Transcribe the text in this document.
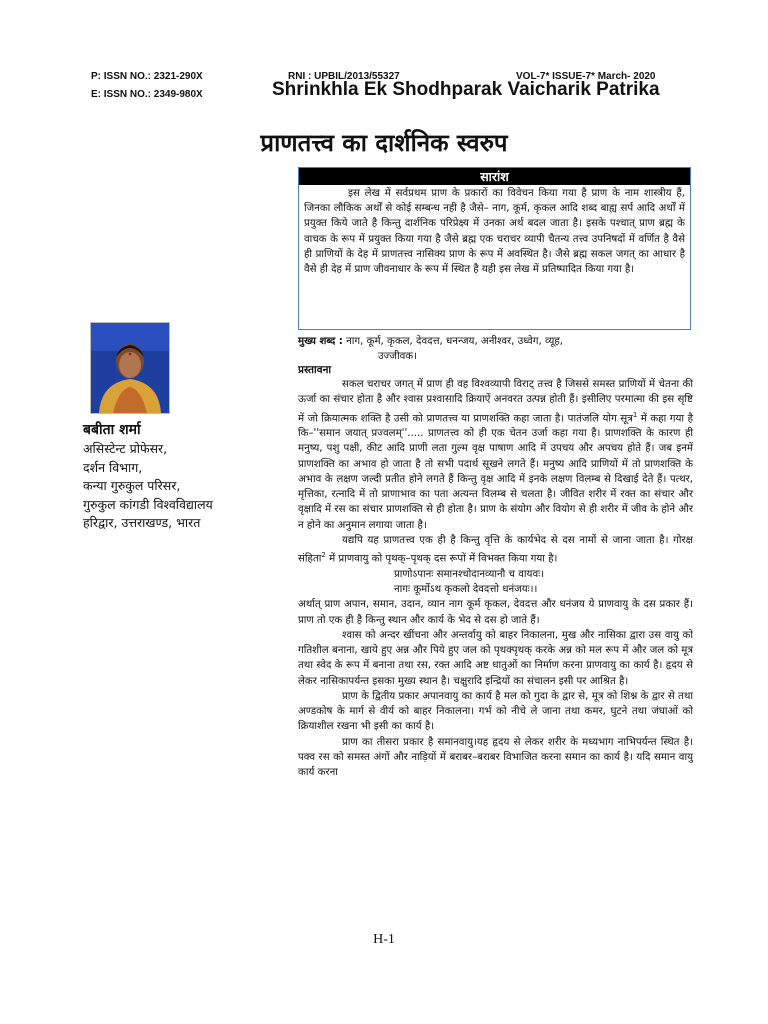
P: ISSN NO.: 2321-290X
E: ISSN NO.: 2349-980X
RNI : UPBIL/2013/55327	VOL-7* ISSUE-7* March- 2020
Shrinkhla Ek Shodhparak Vaicharik Patrika
प्राणतत्त्व का दार्शनिक स्वरुप
सारांश
इस लेख में सर्वप्रथम प्राण के प्रकारों का विवेचन किया गया है प्राण के नाम शास्त्रीय हैं, जिनका लौकिक अर्थों से कोई सम्बन्ध नही है जैसे– नाग, कूर्म, कृकल आदि शब्द बाह्य सर्प आदि अर्थों में प्रयुक्त किये जाते है किन्तु दार्शनिक परिप्रेक्ष्य में उनका अर्थ बदल जाता है। इसके पश्चात् प्राण ब्रह्म के वाचक के रूप में प्रयुक्त किया गया है जैसे ब्रह्म एक चराचर व्यापी चैतन्य तत्त्व उपनिषदों में वर्णित है वैसे ही प्राणियों के देह में प्राणतत्त्व नासिक्य प्राण के रूप में अवस्थित है। जैसे ब्रह्म सकल जगत् का आधार है वैसे ही देह में प्राण जीवनाधार के रूप में स्थित है यही इस लेख में प्रतिष्पादित किया गया है।
बबीता शर्मा
असिस्टेन्ट प्रोफेसर,
दर्शन विभाग,
कन्या गुरुकुल परिसर,
गुरुकुल कांगडी विश्वविद्यालय
हरिद्वार, उत्तराखण्ड, भारत
मुख्य शब्द : नाग, कूर्म, कृकल, देवदत्त, धनन्जय, अनीश्वर, उध्वेग, व्यूह,
उज्जीवक।
प्रस्तावना

सकल चराचर जगत् में प्राण ही वह विश्वव्यापी विराट् तत्त्व है जिससे समस्त प्राणियों में चेतना की ऊर्जा का संचार होता है और श्वास प्रश्वासादि क्रियाऐं अनवरत उत्पन्न होती हैं। इसीलिए परमात्मा की इस सृष्टि में जो क्रियात्मक शक्ति है उसी को प्राणतत्त्व या प्राणशक्ति कहा जाता है। पातंजलि योग सूत्र$^1$ में कहा गया है कि–''समान जयात् प्रज्वलम्''..... प्राणतत्त्व को ही एक चेतन उर्जा कहा गया है। प्राणशक्ति के कारण ही मनुष्य, पशु पक्षी, कीट आदि प्राणी लता गुल्म वृक्ष पाषाण आदि में उपचय और अपचय होते हैं। जब इनमें प्राणशक्ति का अभाव हो जाता है तो सभी पदार्थ सूखने लगते हैं। मनुष्य आदि प्राणियों में तो प्राणशक्ति के अभाव के लक्षण जल्दी प्रतीत होने लगते हैं किन्तु वृक्ष आदि में इनके लक्षण विलम्ब से दिखाई देते हैं। पत्थर, मृत्तिका, रत्नादि में तो प्राणाभाव का पता अत्यन्त विलम्ब से चलता है। जीवित शरीर में रक्त का संचार और वृक्षादि में रस का संचार प्राणशक्ति से ही होता है। प्राण के संयोग और वियोग से ही शरीर में जीव के होने और न होने का अनुमान लगाया जाता है।

यद्यपि यह प्राणतत्त्व एक ही है किन्तु वृत्ति के कार्यभेद से दस नामों से जाना जाता है। गोरक्ष संहिता$^2$ में प्राणवायु को पृथक्–पृथक् दस रूपों में विभक्त किया गया है।

प्राणोऽपानः समानश्चोदानव्यानौ च वायवः।

नागः कूर्मोऽथ कृकलो देवदत्तो धनंजयः।।

अर्थात् प्राण अपान, समान, उदान, व्यान नाग कूर्म कृकल, देवदत्त और धनंजय ये प्राणवायु के दस प्रकार हैं। प्राण तो एक ही है किन्तु स्थान और कार्य के भेद से दस हो जाते हैं।

श्वास को अन्दर खींचना और अन्तर्वायु को बाहर निकालना, मुख और नासिका द्वारा उस वायु को गतिशील बनाना, खाये हुए अन्न और पिये हुए जल को पृथक्पृथक् करके अन्न को मल रूप में और जल को मूत्र तथा स्वेद के रूप में बनाना तथा रस, रक्त आदि अष्ट धातुओं का निर्माण करना प्राणवायु का कार्य है। हृदय से लेकर नासिकापर्यन्त इसका मुख्य स्थान है। चक्षुरादि इन्द्रियों का संचालन इसी पर आश्रित है।

प्राण के द्वितीय प्रकार अपानवायु का कार्य है मल को गुदा के द्वार से, मूत्र को शिश्न के द्वार से तथा अण्डकोष के मार्ग से वीर्य को बाहर निकालना। गर्भ को नीचे ले जाना तथा कमर, घुटने तथा जंघाओं को क्रियाशील रखना भी इसी का कार्य है।

प्राण का तीसरा प्रकार है समानवायु।यह हृदय से लेकर शरीर के मध्यभाग नाभिपर्यन्त स्थित है। पक्व रस को समस्त अंगों और नाड़ियों में बराबर–बराबर विभाजित करना समान का कार्य है। यदि समान वायु कार्य करना

H-1
